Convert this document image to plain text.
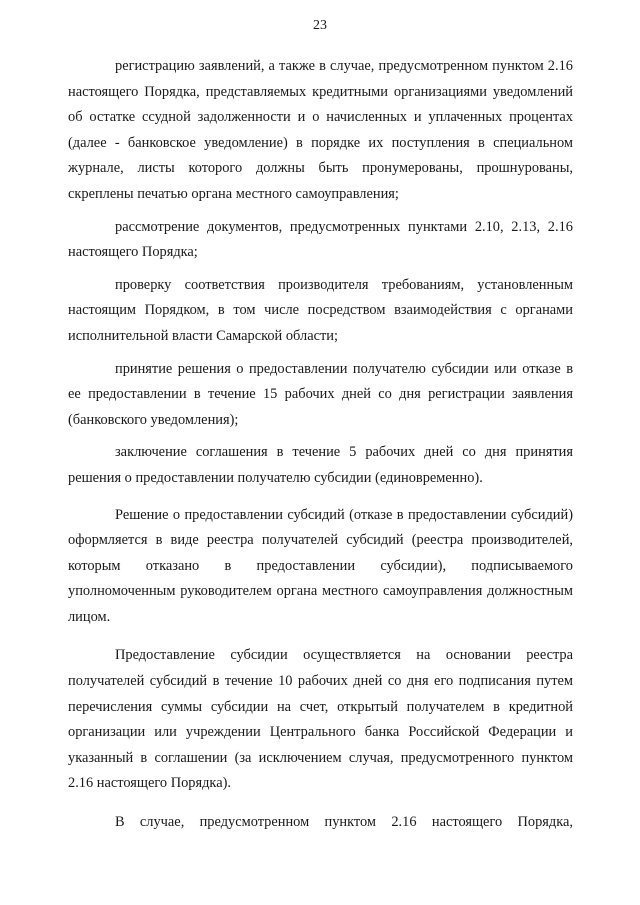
23

регистрацию заявлений, а также в случае, предусмотренном пунктом 2.16 настоящего Порядка, представляемых кредитными организациями уведомлений об остатке ссудной задолженности и о начисленных и уплаченных процентах (далее - банковское уведомление) в порядке их поступления в специальном журнале, листы которого должны быть пронумерованы, прошнурованы, скреплены печатью органа местного самоуправления;

рассмотрение документов, предусмотренных пунктами 2.10, 2.13, 2.16 настоящего Порядка;

проверку соответствия производителя требованиям, установленным настоящим Порядком, в том числе посредством взаимодействия с органами исполнительной власти Самарской области;

принятие решения о предоставлении получателю субсидии или отказе в ее предоставлении в течение 15 рабочих дней со дня регистрации заявления (банковского уведомления);

заключение соглашения в течение 5 рабочих дней со дня принятия решения о предоставлении получателю субсидии (единовременно).

Решение о предоставлении субсидий (отказе в предоставлении субсидий) оформляется в виде реестра получателей субсидий (реестра производителей, которым отказано в предоставлении субсидии), подписываемого уполномоченным руководителем органа местного самоуправления должностным лицом.

Предоставление субсидии осуществляется на основании реестра получателей субсидий в течение 10 рабочих дней со дня его подписания путем перечисления суммы субсидии на счет, открытый получателем в кредитной организации или учреждении Центрального банка Российской Федерации и указанный в соглашении (за исключением случая, предусмотренного пунктом 2.16 настоящего Порядка).

В случае, предусмотренном пунктом 2.16 настоящего Порядка,
